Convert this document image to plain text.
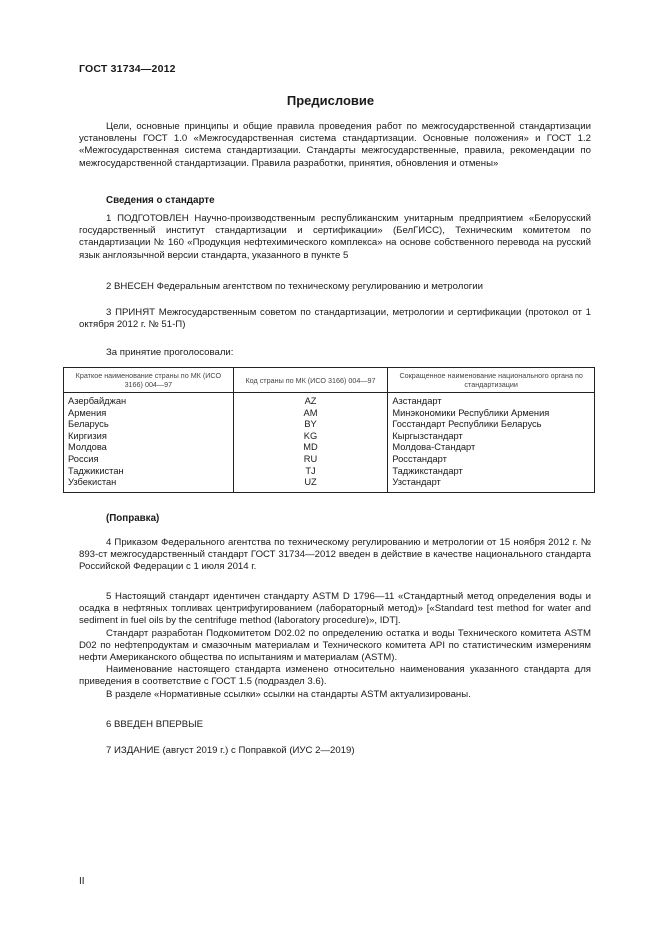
ГОСТ 31734—2012
Предисловие

Цели, основные принципы и общие правила проведения работ по межгосударственной стандартизации установлены ГОСТ 1.0 «Межгосударственная система стандартизации. Основные положения» и ГОСТ 1.2 «Межгосударственная система стандартизации. Стандарты межгосударственные, правила, рекомендации по межгосударственной стандартизации. Правила разработки, принятия, обновления и отмены»

Сведения о стандарте

1 ПОДГОТОВЛЕН Научно-производственным республиканским унитарным предприятием «Белорусский государственный институт стандартизации и сертификации» (БелГИСС), Техническим комитетом по стандартизации № 160 «Продукция нефтехимического комплекса» на основе собственного перевода на русский язык англоязычной версии стандарта, указанного в пункте 5

2 ВНЕСЕН Федеральным агентством по техническому регулированию и метрологии

3 ПРИНЯТ Межгосударственным советом по стандартизации, метрологии и сертификации (протокол от 1 октября 2012 г. № 51-П)

За принятие проголосовали:
Краткое наименование страны по МК (ИСО 3166) 004—97	Код страны по МК (ИСО 3166) 004—97	Сокращенное наименование национального органа по стандартизации
Азербайджан	AZ	Азстандарт
Армения	AM	Минэкономики Республики Армения
Беларусь	BY	Госстандарт Республики Беларусь
Киргизия	KG	Кыргызстандарт
Молдова	MD	Молдова-Стандарт
Россия	RU	Росстандарт
Таджикистан	TJ	Таджикстандарт
Узбекистан	UZ	Узстандарт
(Поправка)

4 Приказом Федерального агентства по техническому регулированию и метрологии от 15 ноября 2012 г. № 893-ст межгосударственный стандарт ГОСТ 31734—2012 введен в действие в качестве национального стандарта Российской Федерации с 1 июля 2014 г.

5 Настоящий стандарт идентичен стандарту ASTM D 1796—11 «Стандартный метод определения воды и осадка в нефтяных топливах центрифугированием (лабораторный метод)» [«Standard test method for water and sediment in fuel oils by the centrifuge method (laboratory procedure)», IDT].

Стандарт разработан Подкомитетом D02.02 по определению остатка и воды Технического комитета ASTM D02 по нефтепродуктам и смазочным материалам и Технического комитета API по статистическим измерениям нефти Американского общества по испытаниям и материалам (ASTM).

Наименование настоящего стандарта изменено относительно наименования указанного стандарта для приведения в соответствие с ГОСТ 1.5 (подраздел 3.6).

В разделе «Нормативные ссылки» ссылки на стандарты ASTM актуализированы.

6 ВВЕДЕН ВПЕРВЫЕ

7 ИЗДАНИЕ (август 2019 г.) с Поправкой (ИУС 2—2019)

II
